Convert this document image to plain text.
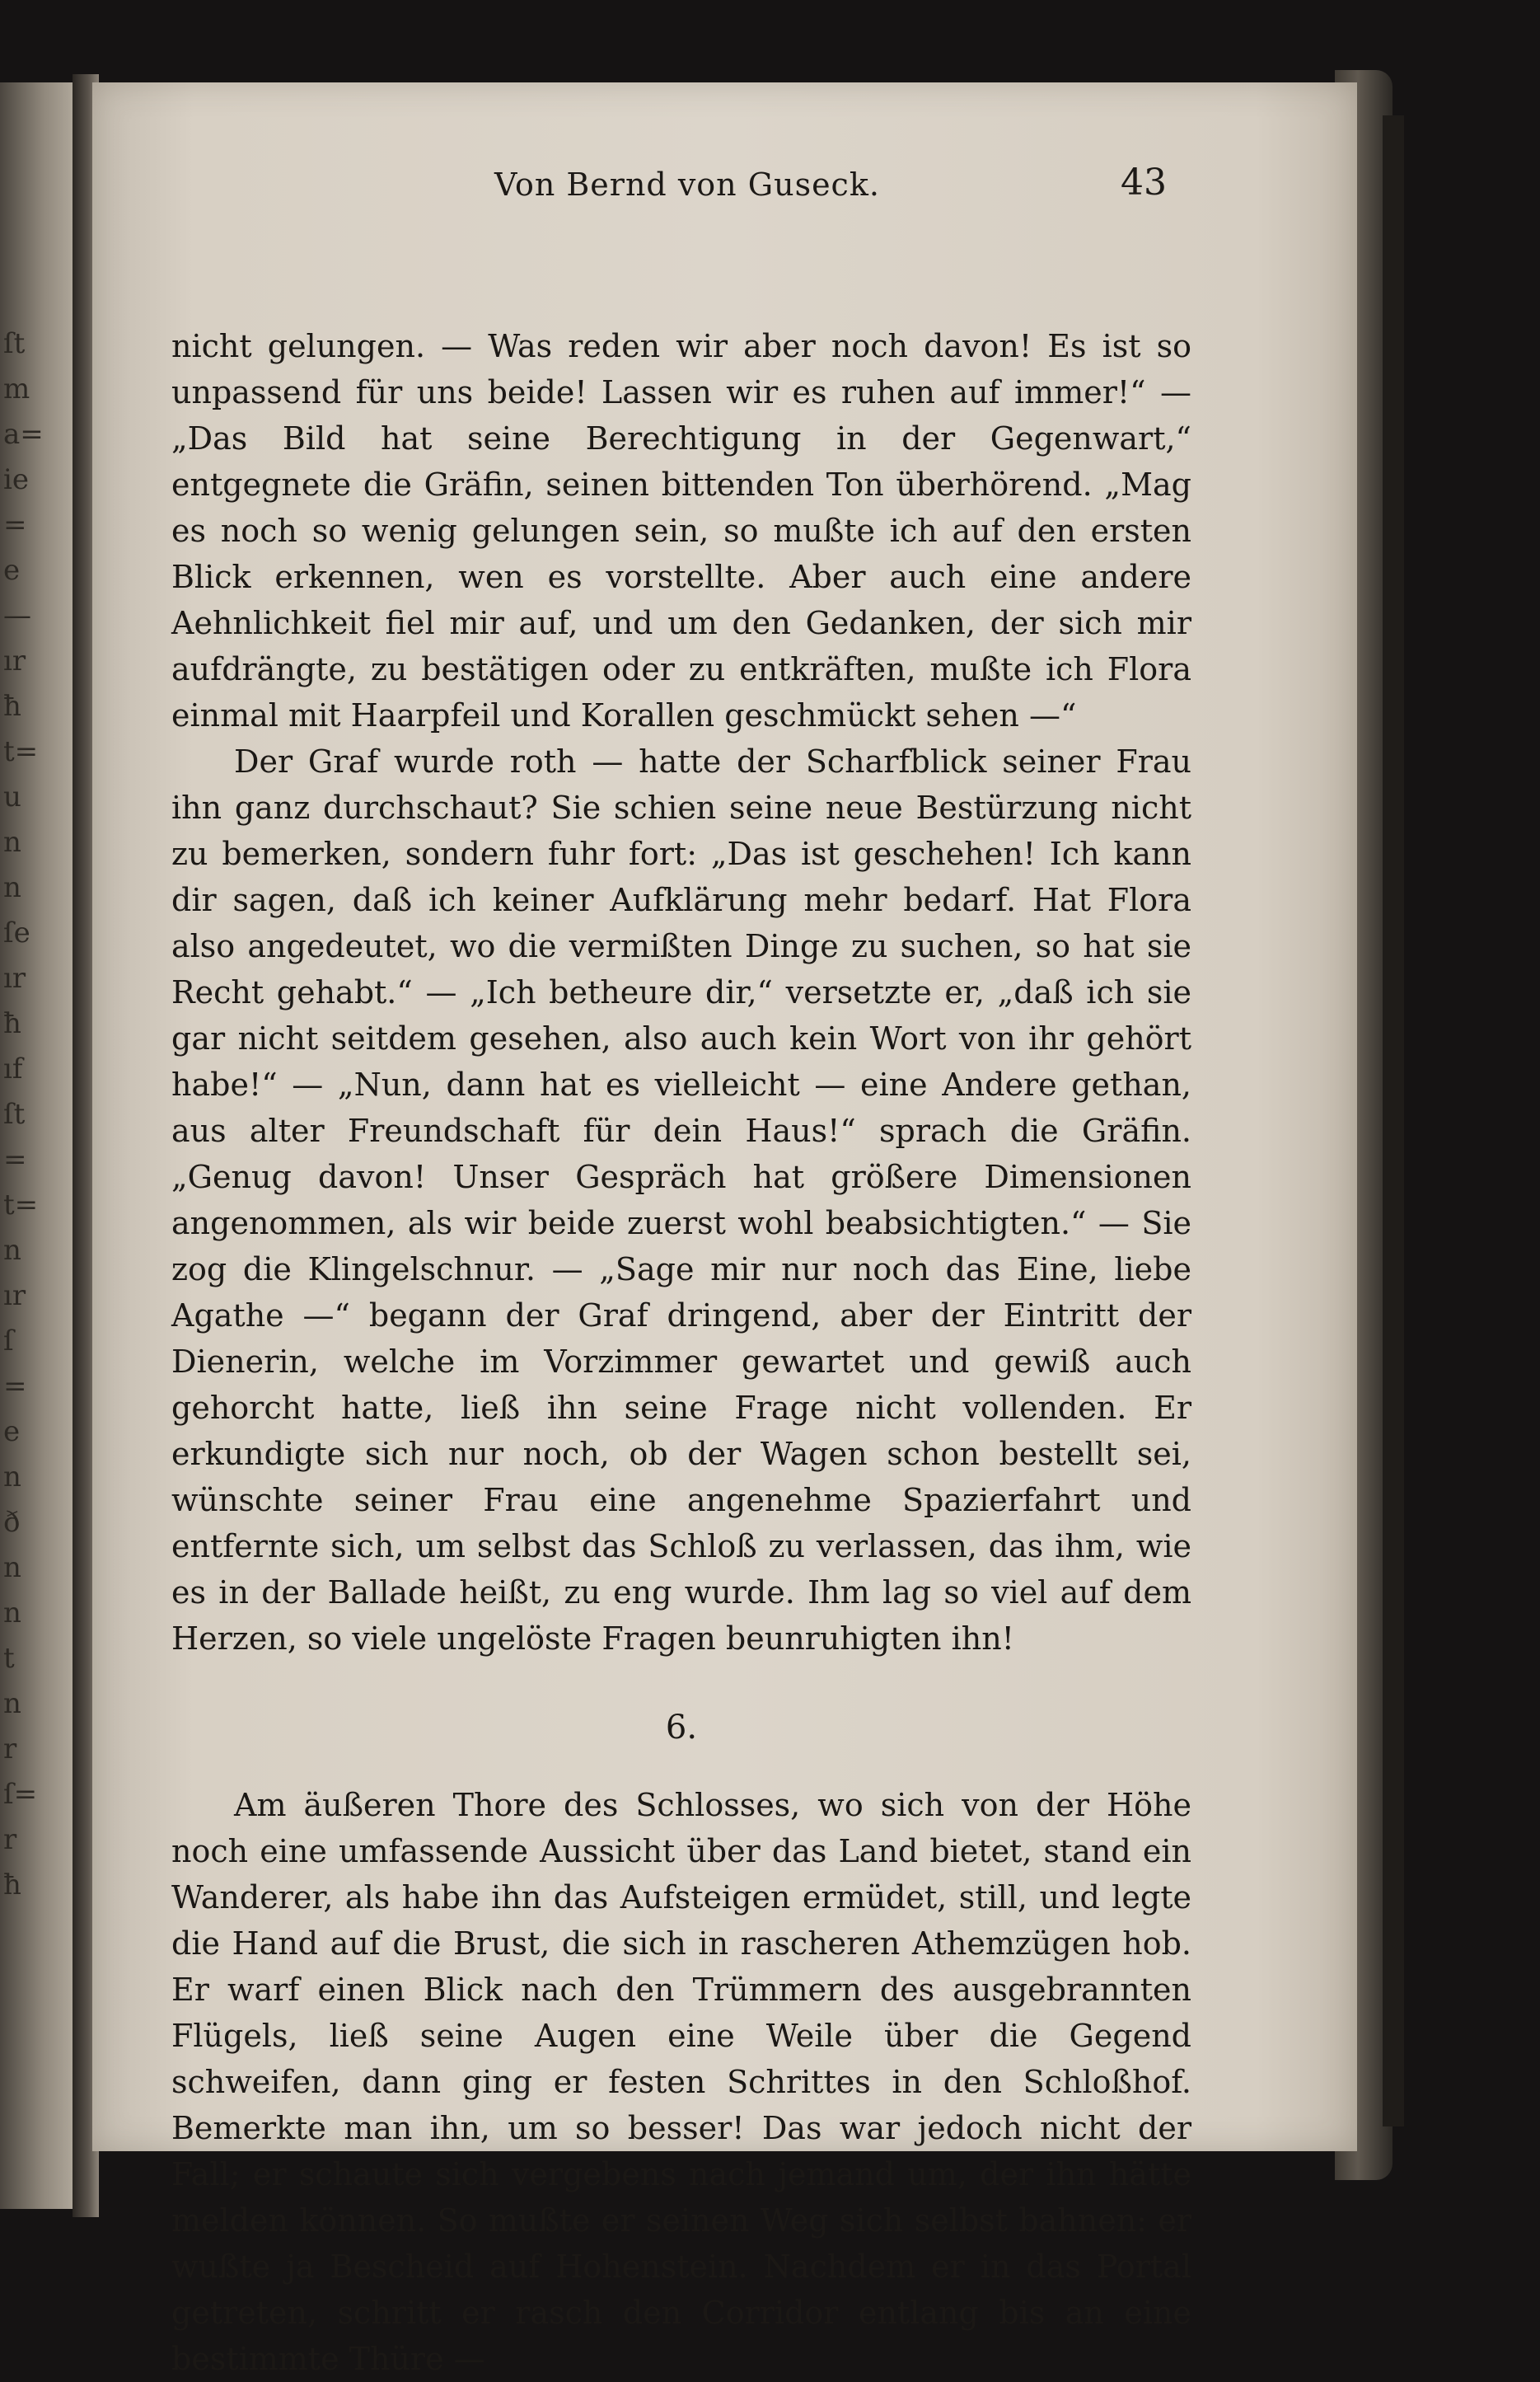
ſt
m
a=
ie
=
e
—
ır
ħ
t=
u
n
n
ſe
ır
ħ
ıf
ſt
=
t=
n
ır
ſ
=
e
n
ð
n
n
t
n
r
ſ=
r
ħ
Von Bernd von Guseck.	43

nicht gelungen. — Was reden wir aber noch davon! Es ist so unpassend für uns beide! Lassen wir es ruhen auf immer!“ — „Das Bild hat seine Berechtigung in der Gegenwart,“ entgegnete die Gräfin, seinen bittenden Ton überhörend. „Mag es noch so wenig gelungen sein, so mußte ich auf den ersten Blick erkennen, wen es vorstellte. Aber auch eine andere Aehnlichkeit fiel mir auf, und um den Gedanken, der sich mir aufdrängte, zu bestätigen oder zu entkräften, mußte ich Flora einmal mit Haarpfeil und Korallen geschmückt sehen —“

Der Graf wurde roth — hatte der Scharfblick seiner Frau ihn ganz durchschaut? Sie schien seine neue Bestürzung nicht zu bemerken, sondern fuhr fort: „Das ist geschehen! Ich kann dir sagen, daß ich keiner Aufklärung mehr bedarf. Hat Flora also angedeutet, wo die vermißten Dinge zu suchen, so hat sie Recht gehabt.“ — „Ich betheure dir,“ versetzte er, „daß ich sie gar nicht seitdem gesehen, also auch kein Wort von ihr gehört habe!“ — „Nun, dann hat es vielleicht — eine Andere gethan, aus alter Freundschaft für dein Haus!“ sprach die Gräfin. „Genug davon! Unser Gespräch hat größere Dimensionen angenommen, als wir beide zuerst wohl beabsichtigten.“ — Sie zog die Klingelschnur. — „Sage mir nur noch das Eine, liebe Agathe —“ begann der Graf dringend, aber der Eintritt der Dienerin, welche im Vorzimmer gewartet und gewiß auch gehorcht hatte, ließ ihn seine Frage nicht vollenden. Er erkundigte sich nur noch, ob der Wagen schon bestellt sei, wünschte seiner Frau eine angenehme Spazierfahrt und entfernte sich, um selbst das Schloß zu verlassen, das ihm, wie es in der Ballade heißt, zu eng wurde. Ihm lag so viel auf dem Herzen, so viele ungelöste Fragen beunruhigten ihn!

6.

Am äußeren Thore des Schlosses, wo sich von der Höhe noch eine umfassende Aussicht über das Land bietet, stand ein Wanderer, als habe ihn das Aufsteigen ermüdet, still, und legte die Hand auf die Brust, die sich in rascheren Athemzügen hob. Er warf einen Blick nach den Trümmern des ausgebrannten Flügels, ließ seine Augen eine Weile über die Gegend schweifen, dann ging er festen Schrittes in den Schloßhof. Bemerkte man ihn, um so besser! Das war jedoch nicht der Fall; er schaute sich vergebens nach jemand um, der ihn hätte melden können. So mußte er seinen Weg sich selbst bahnen: er wußte ja Bescheid auf Hohenstein. Nachdem er in das Portal getreten, schritt er rasch den Corridor entlang bis an eine bestimmte Thüre —
